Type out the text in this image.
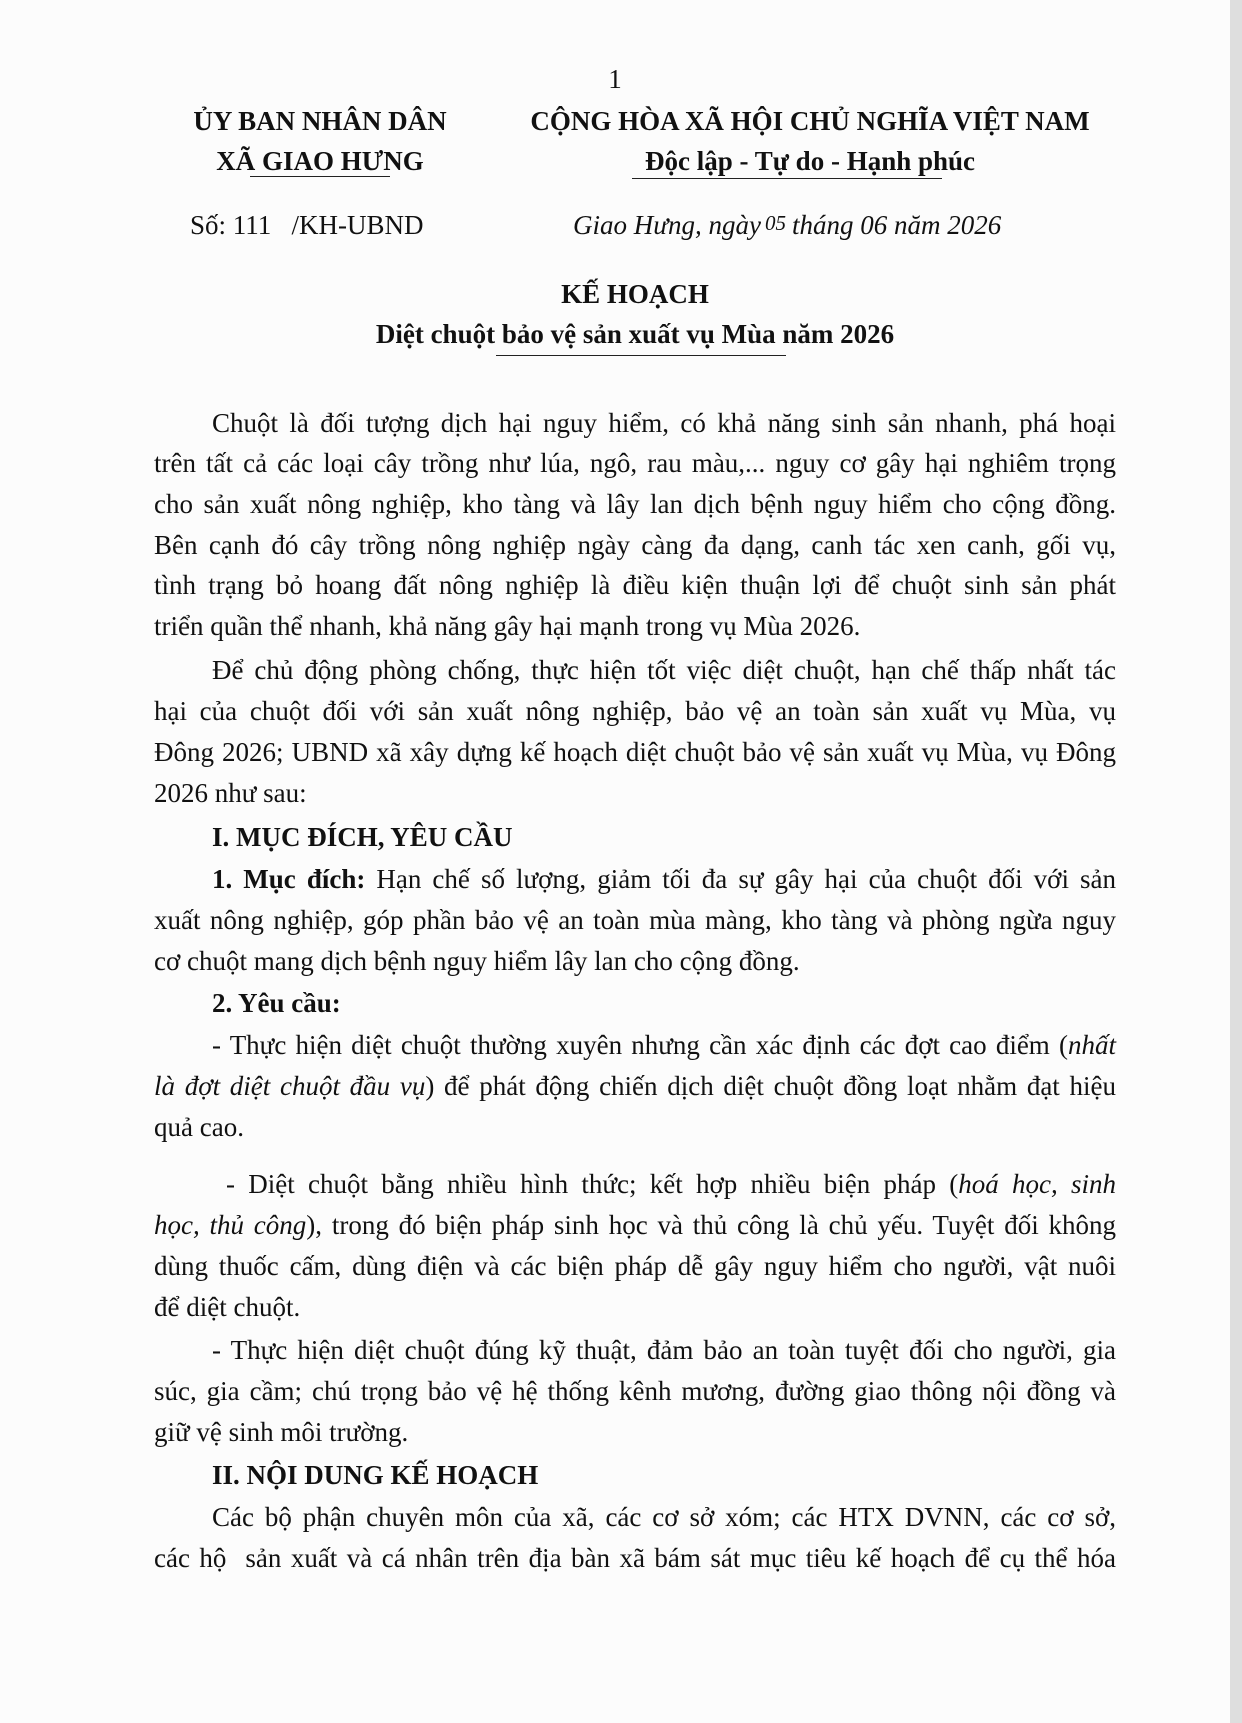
1
ỦY BAN NHÂN DÂN
XÃ GIAO HƯNG
CỘNG HÒA XÃ HỘI CHỦ NGHĨA VIỆT NAM
Độc lập - Tự do - Hạnh phúc
Số: 111   /KH-UBND	Giao Hưng, ngày 05 tháng 06 năm 2026
KẾ HOẠCH
Diệt chuột bảo vệ sản xuất vụ Mùa năm 2026
Chuột là đối tượng dịch hại nguy hiểm, có khả năng sinh sản nhanh, phá hoại
trên tất cả các loại cây trồng như lúa, ngô, rau màu,... nguy cơ gây hại nghiêm trọng
cho sản xuất nông nghiệp, kho tàng và lây lan dịch bệnh nguy hiểm cho cộng đồng.
Bên cạnh đó cây trồng nông nghiệp ngày càng đa dạng, canh tác xen canh, gối vụ,
tình trạng bỏ hoang đất nông nghiệp là điều kiện thuận lợi để chuột sinh sản phát
triển quần thể nhanh, khả năng gây hại mạnh trong vụ Mùa 2026.
Để chủ động phòng chống, thực hiện tốt việc diệt chuột, hạn chế thấp nhất tác
hại của chuột đối với sản xuất nông nghiệp, bảo vệ an toàn sản xuất vụ Mùa, vụ
Đông 2026; UBND xã xây dựng kế hoạch diệt chuột bảo vệ sản xuất vụ Mùa, vụ Đông
2026 như sau:
I. MỤC ĐÍCH, YÊU CẦU
1. Mục đích: Hạn chế số lượng, giảm tối đa sự gây hại của chuột đối với sản
xuất nông nghiệp, góp phần bảo vệ an toàn mùa màng, kho tàng và phòng ngừa nguy
cơ chuột mang dịch bệnh nguy hiểm lây lan cho cộng đồng.
2. Yêu cầu:
- Thực hiện diệt chuột thường xuyên nhưng cần xác định các đợt cao điểm (nhất
là đợt diệt chuột đầu vụ) để phát động chiến dịch diệt chuột đồng loạt nhằm đạt hiệu
quả cao.
- Diệt chuột bằng nhiều hình thức; kết hợp nhiều biện pháp (hoá học, sinh
học, thủ công), trong đó biện pháp sinh học và thủ công là chủ yếu. Tuyệt đối không
dùng thuốc cấm, dùng điện và các biện pháp dễ gây nguy hiểm cho người, vật nuôi
để diệt chuột.
- Thực hiện diệt chuột đúng kỹ thuật, đảm bảo an toàn tuyệt đối cho người, gia
súc, gia cầm; chú trọng bảo vệ hệ thống kênh mương, đường giao thông nội đồng và
giữ vệ sinh môi trường.
II. NỘI DUNG KẾ HOẠCH
Các bộ phận chuyên môn của xã, các cơ sở xóm; các HTX DVNN, các cơ sở,
các hộ  sản xuất và cá nhân trên địa bàn xã bám sát mục tiêu kế hoạch để cụ thể hóa
